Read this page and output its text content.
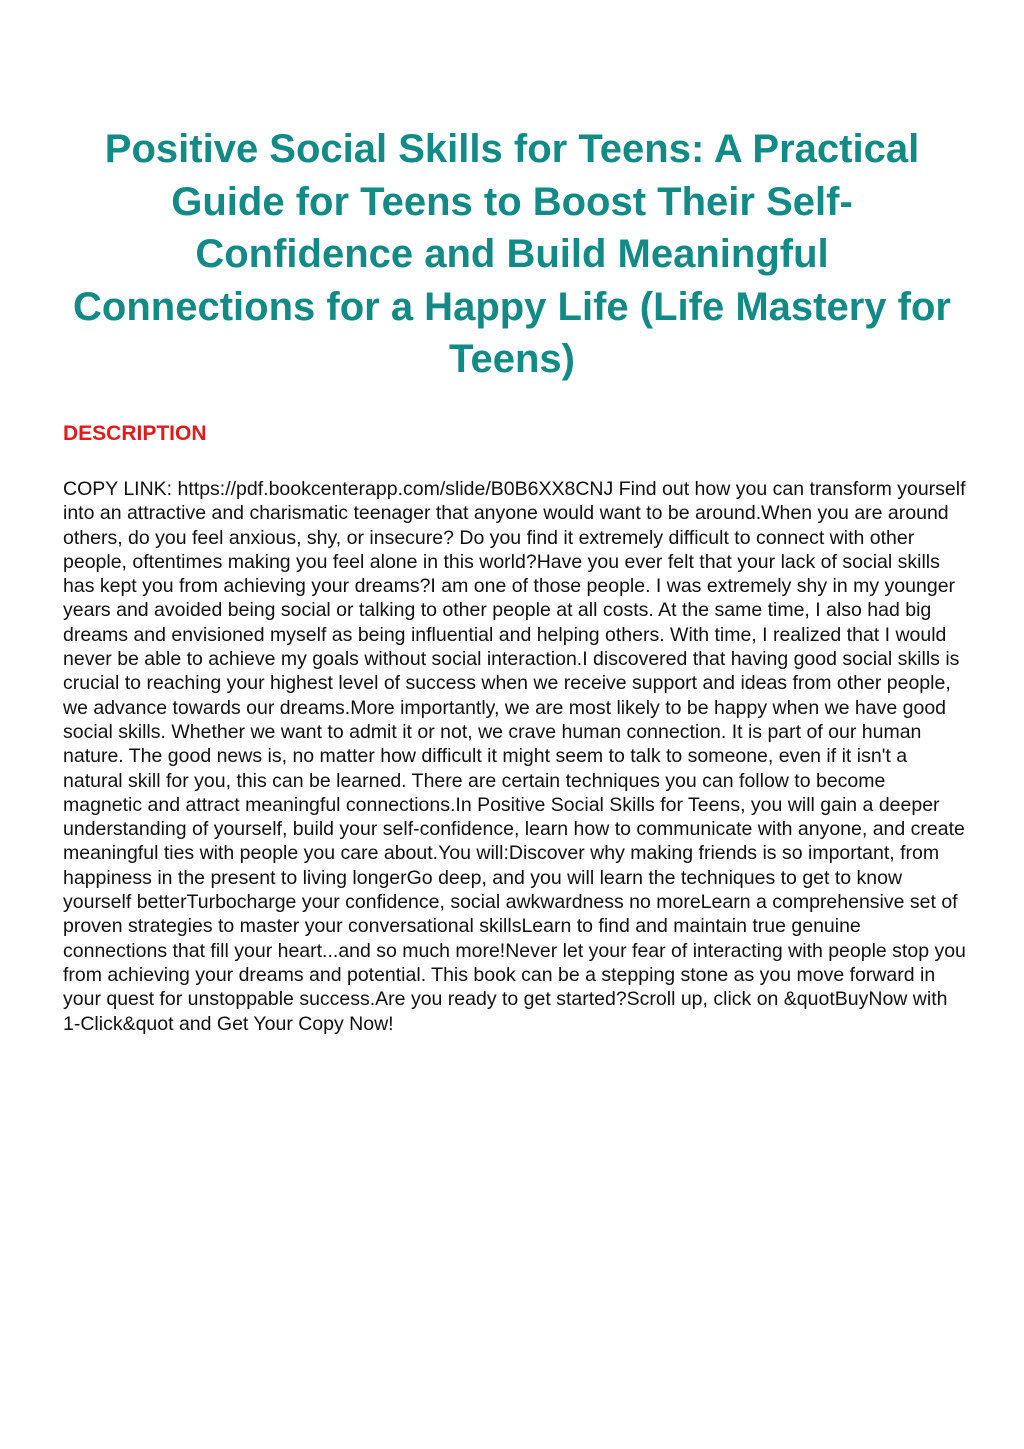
Positive Social Skills for Teens: A Practical Guide for Teens to Boost Their Self-Confidence and Build Meaningful Connections for a Happy Life (Life Mastery for Teens)
DESCRIPTION

COPY LINK: https://pdf.bookcenterapp.com/slide/B0B6XX8CNJ Find out how you can transform yourself into an attractive and charismatic teenager that anyone would want to be around.When you are around others, do you feel anxious, shy, or insecure? Do you find it extremely difficult to connect with other people, oftentimes making you feel alone in this world?Have you ever felt that your lack of social skills has kept you from achieving your dreams?I am one of those people. I was extremely shy in my younger years and avoided being social or talking to other people at all costs. At the same time, I also had big dreams and envisioned myself as being influential and helping others. With time, I realized that I would never be able to achieve my goals without social interaction.I discovered that having good social skills is crucial to reaching your highest level of success when we receive support and ideas from other people, we advance towards our dreams.More importantly, we are most likely to be happy when we have good social skills. Whether we want to admit it or not, we crave human connection. It is part of our human nature. The good news is, no matter how difficult it might seem to talk to someone, even if it isn't a natural skill for you, this can be learned. There are certain techniques you can follow to become magnetic and attract meaningful connections.In Positive Social Skills for Teens, you will gain a deeper understanding of yourself, build your self-confidence, learn how to communicate with anyone, and create meaningful ties with people you care about.You will:Discover why making friends is so important, from happiness in the present to living longerGo deep, and you will learn the techniques to get to know yourself betterTurbocharge your confidence, social awkwardness no moreLearn a comprehensive set of proven strategies to master your conversational skillsLearn to find and maintain true genuine connections that fill your heart...and so much more!Never let your fear of interacting with people stop you from achieving your dreams and potential. This book can be a stepping stone as you move forward in your quest for unstoppable success.Are you ready to get started?Scroll up, click on &quotBuyNow with 1-Click&quot and Get Your Copy Now!
